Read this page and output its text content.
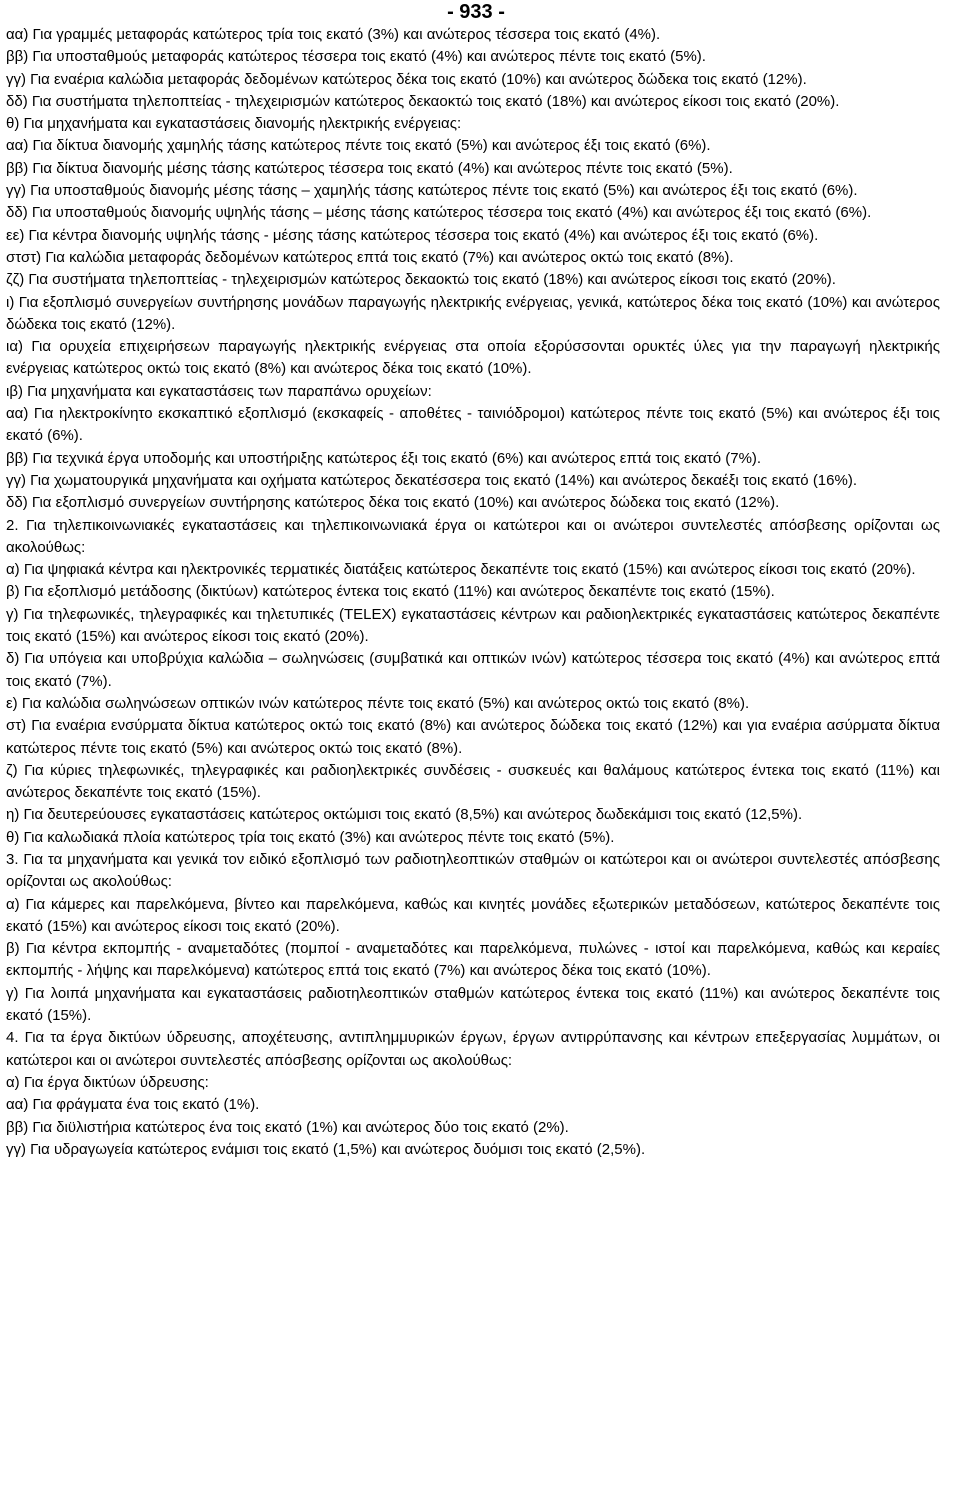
- 933 -

αα) Για γραμμές μεταφοράς κατώτερος τρία τοις εκατό (3%) και ανώτερος τέσσερα τοις εκατό (4%).

ββ) Για υποσταθμούς μεταφοράς κατώτερος τέσσερα τοις εκατό (4%) και ανώτερος πέντε τοις εκατό (5%).

γγ) Για εναέρια καλώδια μεταφοράς δεδομένων κατώτερος δέκα τοις εκατό (10%) και ανώτερος δώδεκα τοις εκατό (12%).

δδ) Για συστήματα τηλεποπτείας - τηλεχειρισμών κατώτερος δεκαοκτώ τοις εκατό (18%) και ανώτερος είκοσι τοις εκατό (20%).

θ) Για μηχανήματα και εγκαταστάσεις διανομής ηλεκτρικής ενέργειας:

αα) Για δίκτυα διανομής χαμηλής τάσης κατώτερος πέντε τοις εκατό (5%) και ανώτερος έξι τοις εκατό (6%).

ββ) Για δίκτυα διανομής μέσης τάσης κατώτερος τέσσερα τοις εκατό (4%) και ανώτερος πέντε τοις εκατό (5%).

γγ) Για υποσταθμούς διανομής μέσης τάσης – χαμηλής τάσης κατώτερος πέντε τοις εκατό (5%) και ανώτερος έξι τοις εκατό (6%).

δδ) Για υποσταθμούς διανομής υψηλής τάσης – μέσης τάσης κατώτερος τέσσερα τοις εκατό (4%) και ανώτερος έξι τοις εκατό (6%).

εε) Για κέντρα διανομής υψηλής τάσης - μέσης τάσης κατώτερος τέσσερα τοις εκατό (4%) και ανώτερος έξι τοις εκατό (6%).

στστ) Για καλώδια μεταφοράς δεδομένων κατώτερος επτά τοις εκατό (7%) και ανώτερος οκτώ τοις εκατό (8%).

ζζ) Για συστήματα τηλεποπτείας - τηλεχειρισμών κατώτερος δεκαοκτώ τοις εκατό (18%) και ανώτερος είκοσι τοις εκατό (20%).

ι) Για εξοπλισμό συνεργείων συντήρησης μονάδων παραγωγής ηλεκτρικής ενέργειας, γενικά, κατώτερος δέκα τοις εκατό (10%) και ανώτερος δώδεκα τοις εκατό (12%).

ια) Για ορυχεία επιχειρήσεων παραγωγής ηλεκτρικής ενέργειας στα οποία εξορύσσονται ορυκτές ύλες για την παραγωγή ηλεκτρικής ενέργειας κατώτερος οκτώ τοις εκατό (8%) και ανώτερος δέκα τοις εκατό (10%).

ιβ) Για μηχανήματα και εγκαταστάσεις των παραπάνω ορυχείων:

αα) Για ηλεκτροκίνητο εκσκαπτικό εξοπλισμό (εκσκαφείς - αποθέτες - ταινιόδρομοι) κατώτερος πέντε τοις εκατό (5%) και ανώτερος έξι τοις εκατό (6%).

ββ) Για τεχνικά έργα υποδομής και υποστήριξης κατώτερος έξι τοις εκατό (6%) και ανώτερος επτά τοις εκατό (7%).

γγ) Για χωματουργικά μηχανήματα και οχήματα κατώτερος δεκατέσσερα τοις εκατό (14%) και ανώτερος δεκαέξι τοις εκατό (16%).

δδ) Για εξοπλισμό συνεργείων συντήρησης κατώτερος δέκα τοις εκατό (10%) και ανώτερος δώδεκα τοις εκατό (12%).

2. Για τηλεπικοινωνιακές εγκαταστάσεις και τηλεπικοινωνιακά έργα οι κατώτεροι και οι ανώτεροι συντελεστές απόσβεσης ορίζονται ως ακολούθως:

α) Για ψηφιακά κέντρα και ηλεκτρονικές τερματικές διατάξεις κατώτερος δεκαπέντε τοις εκατό (15%) και ανώτερος είκοσι τοις εκατό (20%).

β) Για εξοπλισμό μετάδοσης (δικτύων) κατώτερος έντεκα τοις εκατό (11%) και ανώτερος δεκαπέντε τοις εκατό (15%).

γ) Για τηλεφωνικές, τηλεγραφικές και τηλετυπικές (TELEX) εγκαταστάσεις κέντρων και ραδιοηλεκτρικές εγκαταστάσεις κατώτερος δεκαπέντε τοις εκατό (15%) και ανώτερος είκοσι τοις εκατό (20%).

δ) Για υπόγεια και υποβρύχια καλώδια – σωληνώσεις (συμβατικά και οπτικών ινών) κατώτερος τέσσερα τοις εκατό (4%) και ανώτερος επτά τοις εκατό (7%).

ε) Για καλώδια σωληνώσεων οπτικών ινών κατώτερος πέντε τοις εκατό (5%) και ανώτερος οκτώ τοις εκατό (8%).

στ) Για εναέρια ενσύρματα δίκτυα κατώτερος οκτώ τοις εκατό (8%) και ανώτερος δώδεκα τοις εκατό (12%) και για εναέρια ασύρματα δίκτυα κατώτερος πέντε τοις εκατό (5%) και ανώτερος οκτώ τοις εκατό (8%).

ζ) Για κύριες τηλεφωνικές, τηλεγραφικές και ραδιοηλεκτρικές συνδέσεις - συσκευές και θαλάμους κατώτερος έντεκα τοις εκατό (11%) και ανώτερος δεκαπέντε τοις εκατό (15%).

η) Για δευτερεύουσες εγκαταστάσεις κατώτερος οκτώμισι τοις εκατό (8,5%) και ανώτερος δωδεκάμισι τοις εκατό (12,5%).

θ) Για καλωδιακά πλοία κατώτερος τρία τοις εκατό (3%) και ανώτερος πέντε τοις εκατό (5%).

3. Για τα μηχανήματα και γενικά τον ειδικό εξοπλισμό των ραδιοτηλεοπτικών σταθμών οι κατώτεροι και οι ανώτεροι συντελεστές απόσβεσης ορίζονται ως ακολούθως:

α) Για κάμερες και παρελκόμενα, βίντεο και παρελκόμενα, καθώς και κινητές μονάδες εξωτερικών μεταδόσεων, κατώτερος δεκαπέντε τοις εκατό (15%) και ανώτερος είκοσι τοις εκατό (20%).

β) Για κέντρα εκπομπής - αναμεταδότες (πομποί - αναμεταδότες και παρελκόμενα, πυλώνες - ιστοί και παρελκόμενα, καθώς και κεραίες εκπομπής - λήψης και παρελκόμενα) κατώτερος επτά τοις εκατό (7%) και ανώτερος δέκα τοις εκατό (10%).

γ) Για λοιπά μηχανήματα και εγκαταστάσεις ραδιοτηλεοπτικών σταθμών κατώτερος έντεκα τοις εκατό (11%) και ανώτερος δεκαπέντε τοις εκατό (15%).

4. Για τα έργα δικτύων ύδρευσης, αποχέτευσης, αντιπλημμυρικών έργων, έργων αντιρρύπανσης και κέντρων επεξεργασίας λυμμάτων, οι κατώτεροι και οι ανώτεροι συντελεστές απόσβεσης ορίζονται ως ακολούθως:

α) Για έργα δικτύων ύδρευσης:

αα) Για φράγματα ένα τοις εκατό (1%).

ββ) Για διϋλιστήρια κατώτερος ένα τοις εκατό (1%) και ανώτερος δύο τοις εκατό (2%).

γγ) Για υδραγωγεία κατώτερος ενάμισι τοις εκατό (1,5%) και ανώτερος δυόμισι τοις εκατό (2,5%).
